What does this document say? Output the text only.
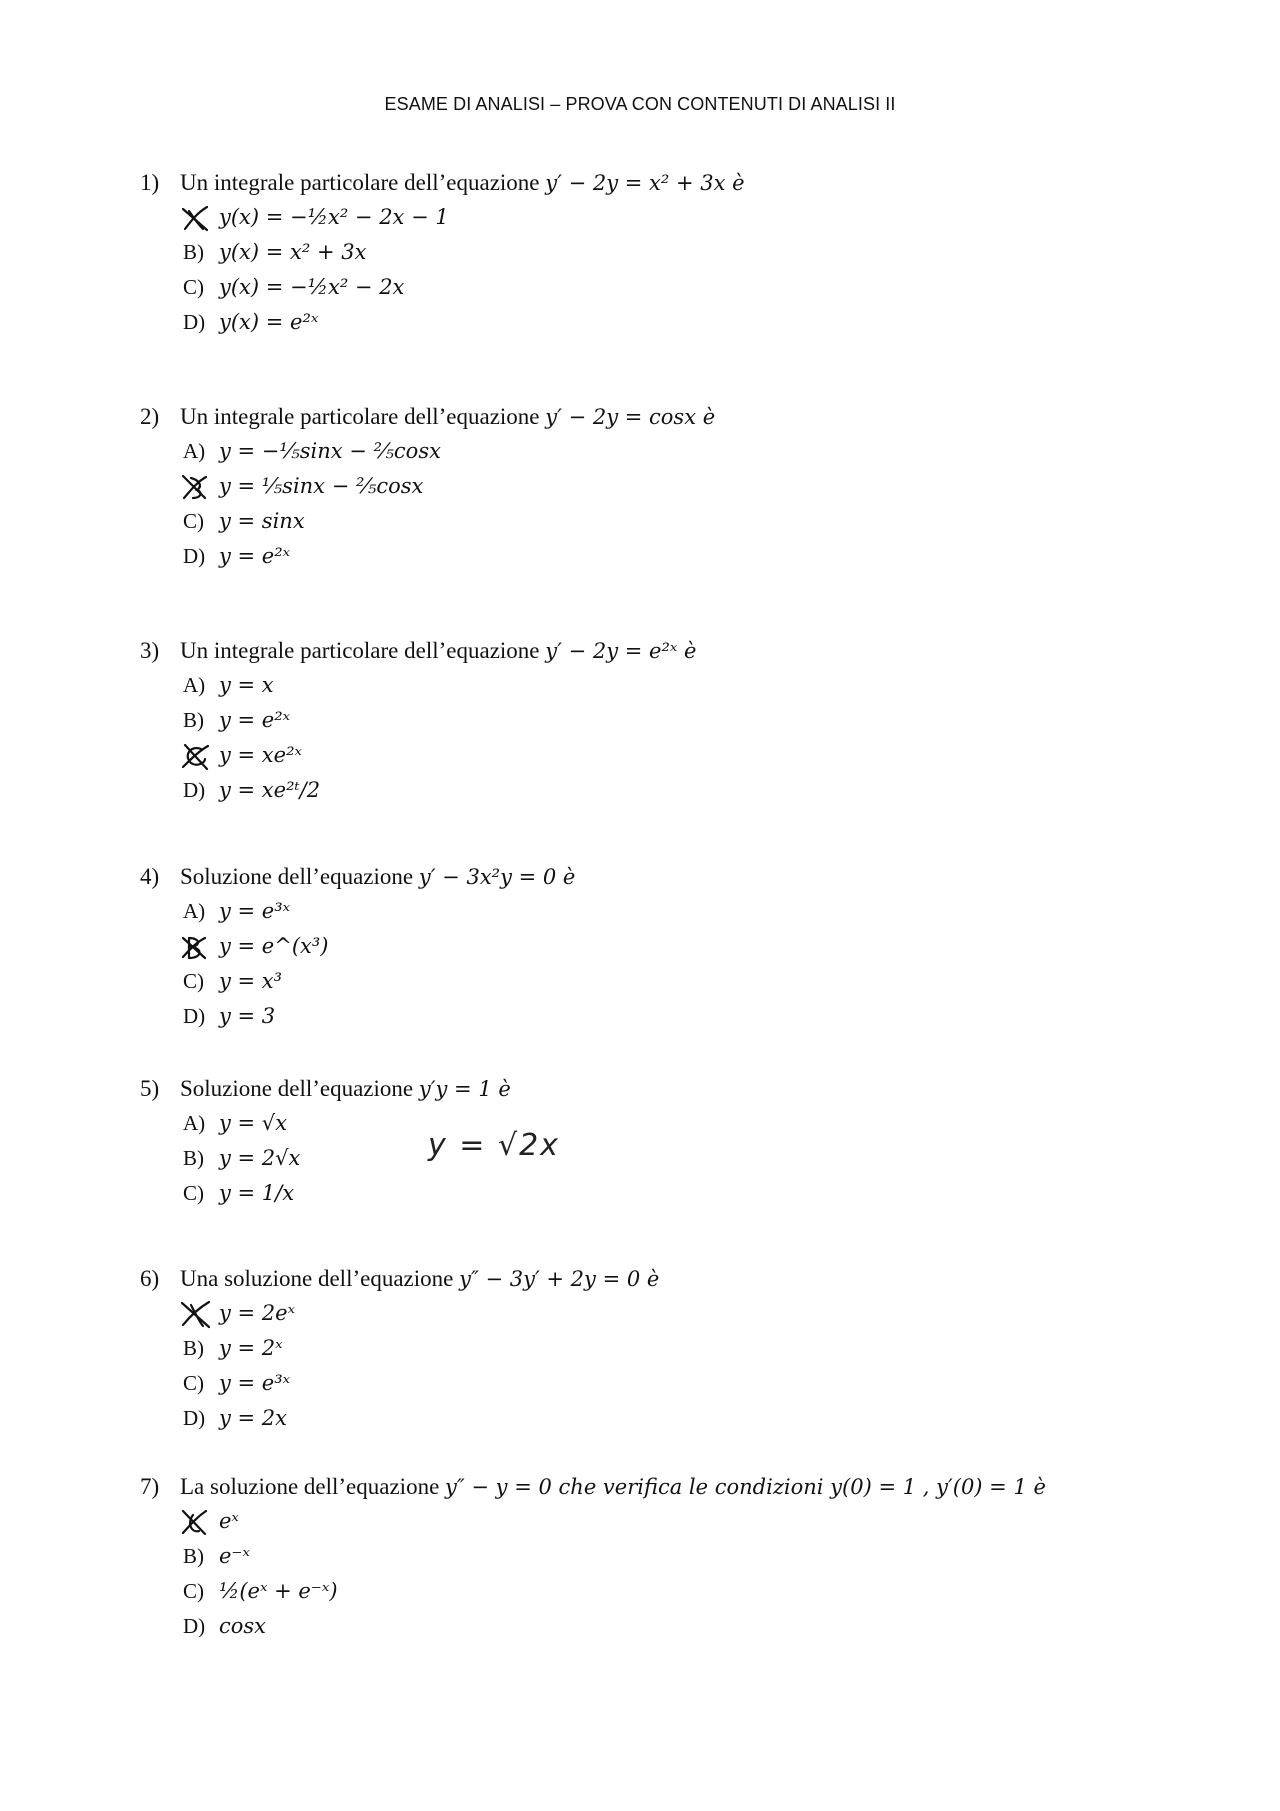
ESAME DI ANALISI – PROVA CON CONTENUTI DI ANALISI II
1) Un integrale particolare dell’equazione y′ − 2y = x² + 3x è
y(x) = −½x² − 2x − 1
B) y(x) = x² + 3x
C) y(x) = −½x² − 2x
D) y(x) = e²ˣ
2) Un integrale particolare dell’equazione y′ − 2y = cosx è
A) y = −⅕sinx − ⅖cosx
y = ⅕sinx − ⅖cosx
C) y = sinx
D) y = e²ˣ
3) Un integrale particolare dell’equazione y′ − 2y = e²ˣ è
A) y = x
B) y = e²ˣ
y = xe²ˣ
D) y = xe²ᵗ/2
4) Soluzione dell’equazione y′ − 3x²y = 0 è
A) y = e³ˣ
y = e^(x³)
C) y = x³
D) y = 3
5) Soluzione dell’equazione y′y = 1 è
A) y = √x
B) y = 2√x
C) y = 1/x
y = √2x
6) Una soluzione dell’equazione y″ − 3y′ + 2y = 0 è
y = 2eˣ
B) y = 2ˣ
C) y = e³ˣ
D) y = 2x
7) La soluzione dell’equazione y″ − y = 0 che verifica le condizioni y(0) = 1 , y′(0) = 1 è
eˣ
B) e⁻ˣ
C) ½(eˣ + e⁻ˣ)
D) cosx
